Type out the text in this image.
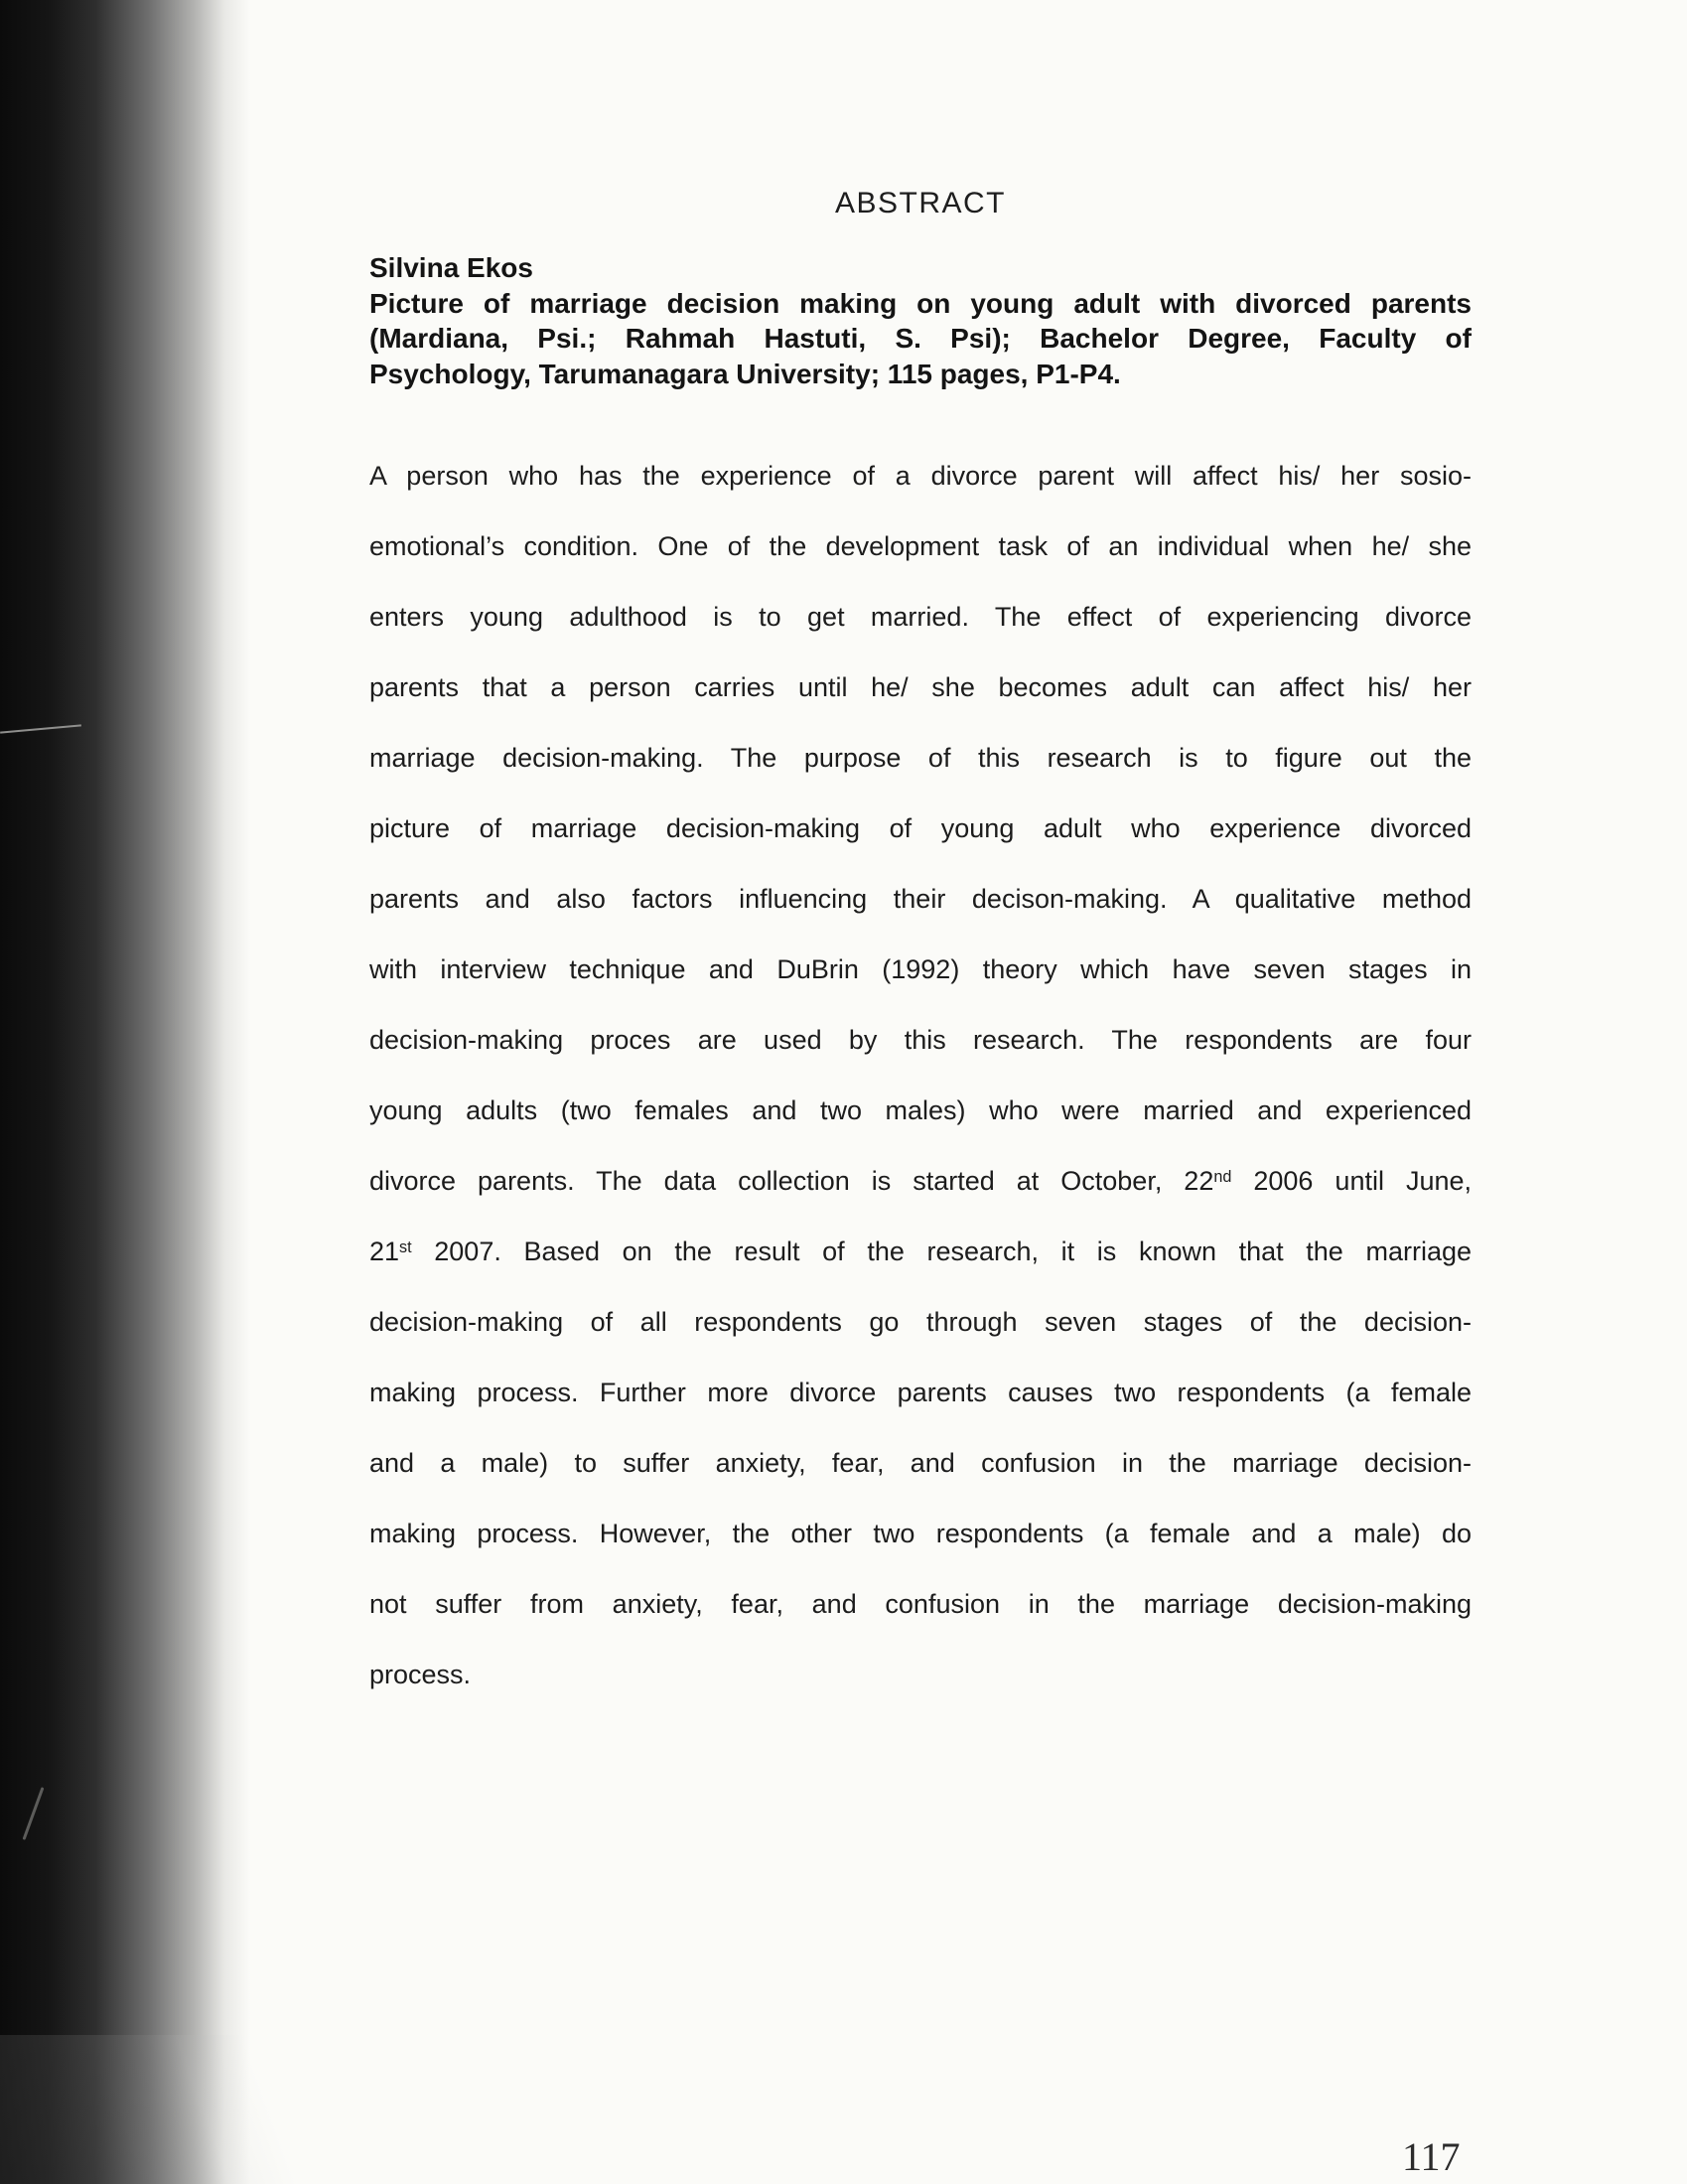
ABSTRACT
Silvina Ekos
Picture of marriage decision making on young adult with divorced parents
(Mardiana, Psi.; Rahmah Hastuti, S. Psi); Bachelor Degree, Faculty of
Psychology, Tarumanagara University; 115 pages, P1-P4.
A person who has the experience of a divorce parent will affect his/ her sosio-
emotional’s condition. One of the development task of an individual when he/ she
enters young adulthood is to get married. The effect of experiencing divorce
parents that a person carries until he/ she becomes adult can affect his/ her
marriage decision-making. The purpose of this research is to figure out the
picture of marriage decision-making of young adult who experience divorced
parents and also factors influencing their decison-making. A qualitative method
with interview technique and DuBrin (1992) theory which have seven stages in
decision-making proces are used by this research. The respondents are four
young adults (two females and two males) who were married and experienced
divorce parents. The data collection is started at October, 22nd 2006 until June,
21st 2007. Based on the result of the research, it is known that the marriage
decision-making of all respondents go through seven stages of the decision-
making process. Further more divorce parents causes two respondents (a female
and a male) to suffer anxiety, fear, and confusion in the marriage decision-
making process. However, the other two respondents (a female and a male) do
not suffer from anxiety, fear, and confusion in the marriage decision-making
process.
117
